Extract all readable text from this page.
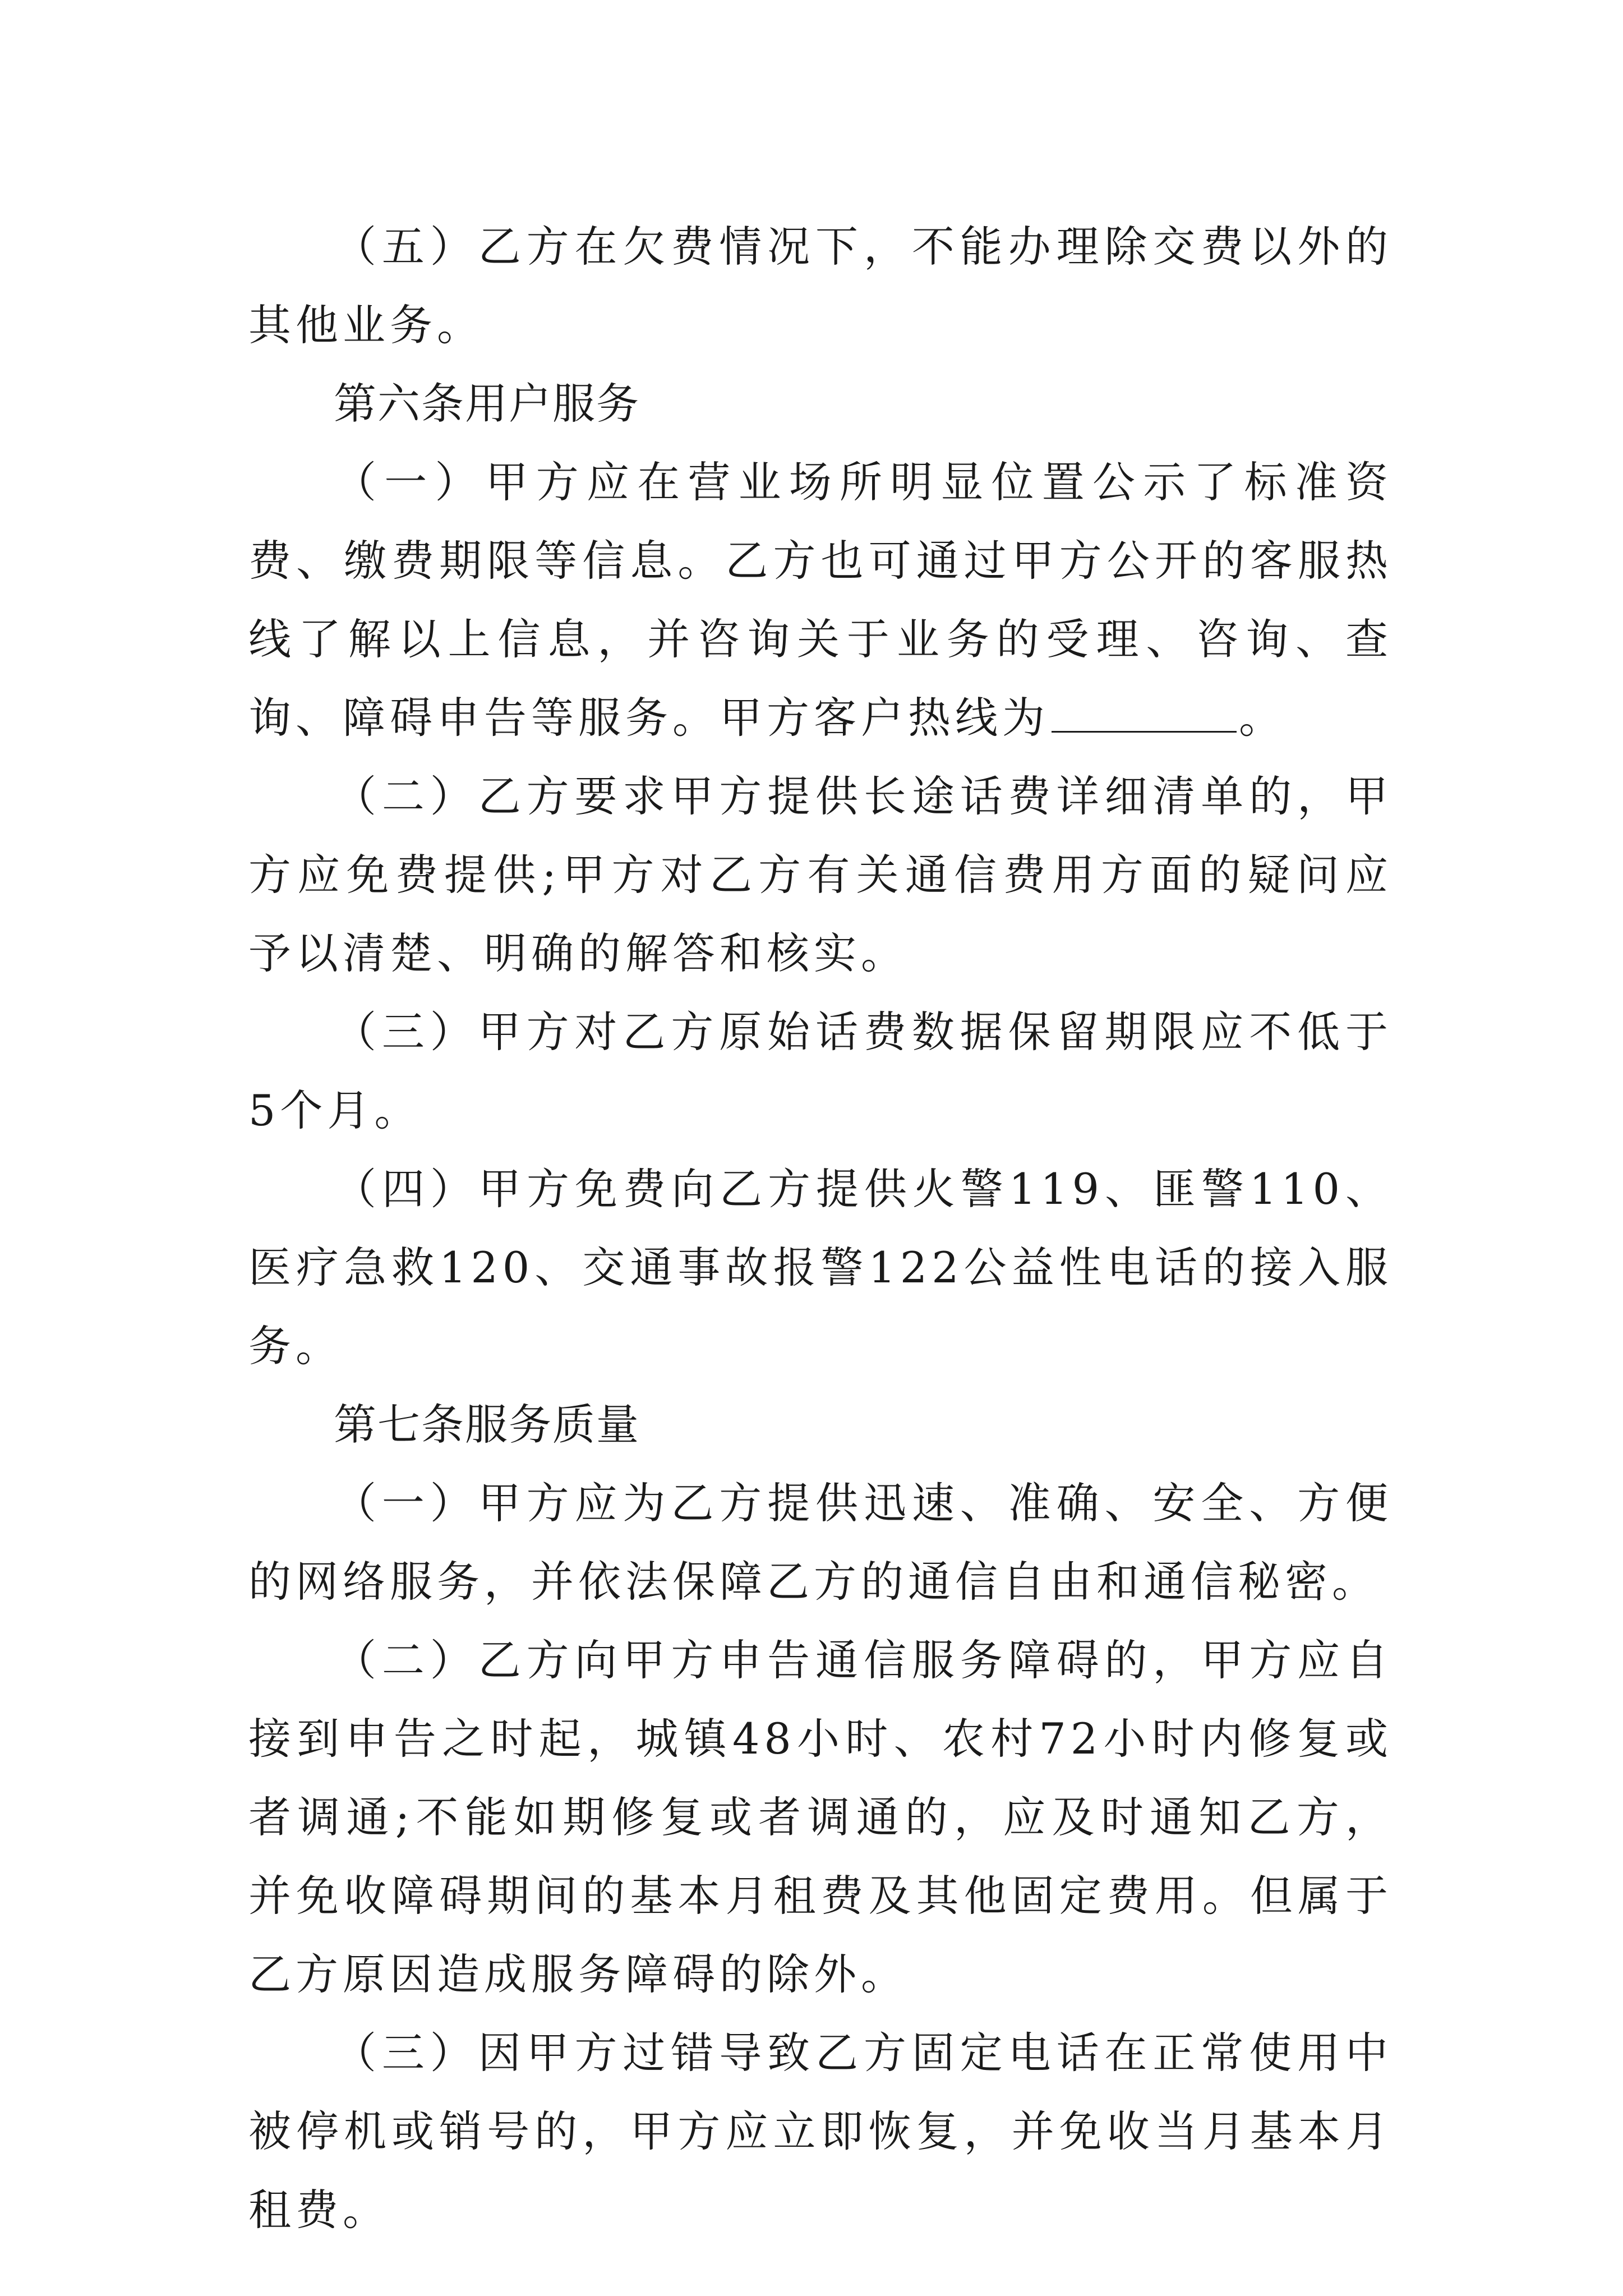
（五）乙方在欠费情况下，不能办理除交费以外的其他业务。

第六条用户服务

（一）甲方应在营业场所明显位置公示了标准资费、缴费期限等信息。乙方也可通过甲方公开的客服热线了解以上信息，并咨询关于业务的受理、咨询、查询、障碍申告等服务。甲方客户热线为	。

（二）乙方要求甲方提供长途话费详细清单的，甲方应免费提供;甲方对乙方有关通信费用方面的疑问应予以清楚、明确的解答和核实。

（三）甲方对乙方原始话费数据保留期限应不低于5个月。

（四）甲方免费向乙方提供火警119、匪警110、医疗急救120、交通事故报警122公益性电话的接入服务。

第七条服务质量

（一）甲方应为乙方提供迅速、准确、安全、方便的网络服务，并依法保障乙方的通信自由和通信秘密。

（二）乙方向甲方申告通信服务障碍的，甲方应自接到申告之时起，城镇48小时、农村72小时内修复或者调通;不能如期修复或者调通的，应及时通知乙方，并免收障碍期间的基本月租费及其他固定费用。但属于乙方原因造成服务障碍的除外。

（三）因甲方过错导致乙方固定电话在正常使用中被停机或销号的，甲方应立即恢复，并免收当月基本月租费。
